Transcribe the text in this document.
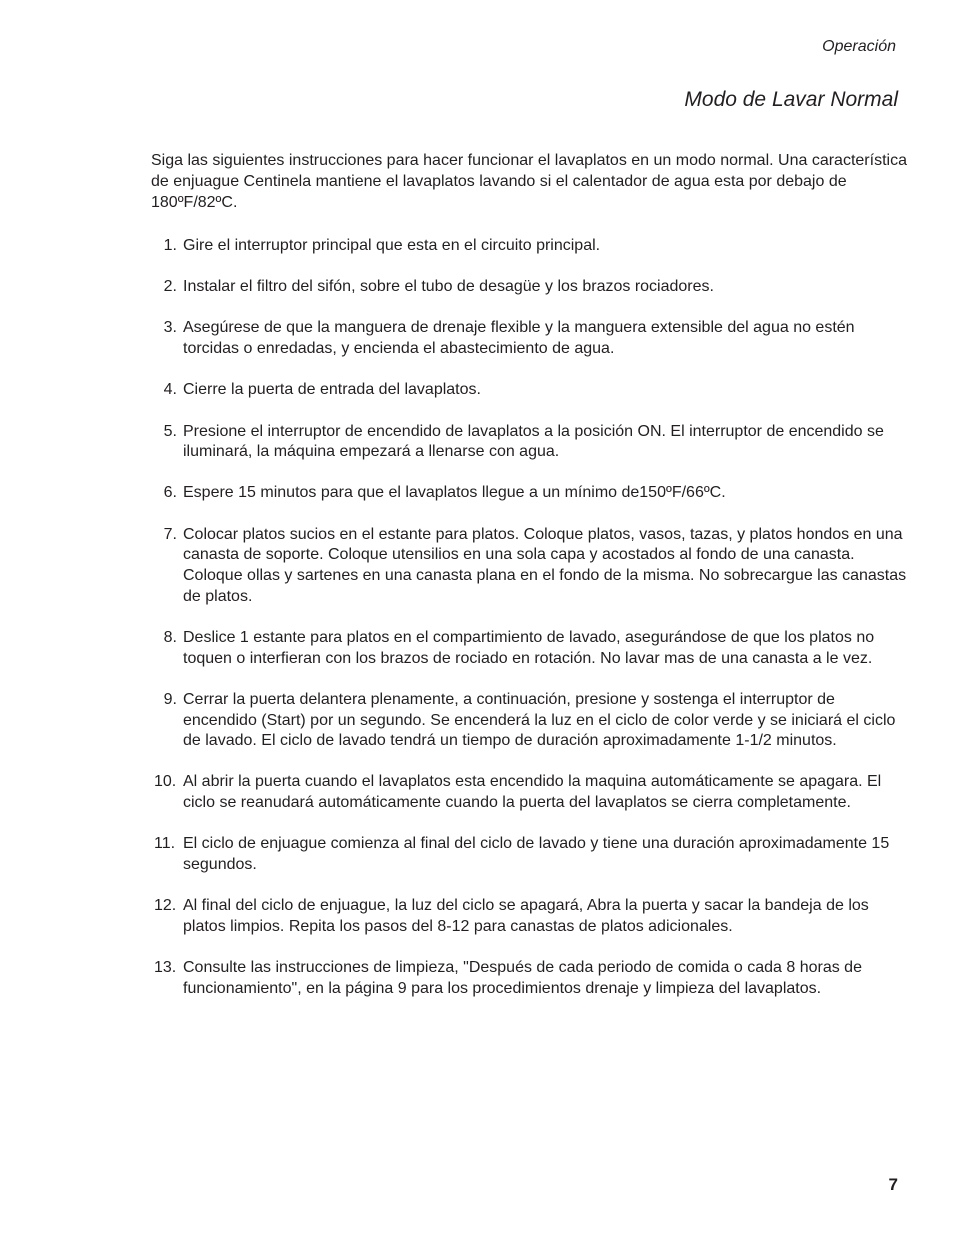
Operación

Modo de Lavar Normal

Siga las siguientes instrucciones para hacer funcionar el lavaplatos en un modo normal. Una característica de enjuague Centinela mantiene el lavaplatos lavando si el calentador de agua esta por debajo de 180ºF/82ºC.

1. Gire el interruptor principal que esta en el circuito principal.
2. Instalar el filtro del sifón, sobre el tubo de desagüe y los brazos rociadores.
3. Asegúrese de que la manguera de drenaje flexible y la manguera extensible del agua no estén torcidas o enredadas, y encienda el abastecimiento de agua.
4. Cierre la puerta de entrada del lavaplatos.
5. Presione el interruptor de encendido de lavaplatos a la posición ON. El interruptor de encendido se iluminará, la máquina empezará a llenarse con agua.
6. Espere 15 minutos para que el lavaplatos llegue a un mínimo de150ºF/66ºC.
7. Colocar platos sucios en el estante para platos. Coloque platos, vasos, tazas, y platos hondos en una canasta de soporte. Coloque utensilios en una sola capa y acostados al fondo de una canasta. Coloque ollas y sartenes en una canasta plana en el fondo de la misma. No sobrecargue las canastas de platos.
8. Deslice 1 estante para platos en el compartimiento de lavado, asegurándose de que los platos no toquen o interfieran con los brazos de rociado en rotación. No lavar mas de una canasta a le vez.
9. Cerrar la puerta delantera plenamente, a continuación, presione y sostenga el interruptor de encendido (Start) por un segundo. Se encenderá la luz en el ciclo de color verde y se iniciará el ciclo de lavado. El ciclo de lavado tendrá un tiempo de duración aproximadamente 1-1/2 minutos.
10. Al abrir la puerta cuando el lavaplatos esta encendido la maquina automáticamente se apagara. El ciclo se reanudará automáticamente cuando la puerta del lavaplatos se cierra completamente.
11. El ciclo de enjuague comienza al final del ciclo de lavado y tiene una duración aproximadamente 15 segundos.
12. Al final del ciclo de enjuague, la luz del ciclo se apagará, Abra la puerta y sacar la bandeja de los platos limpios. Repita los pasos del 8-12 para canastas de platos adicionales.
13. Consulte las instrucciones de limpieza, "Después de cada periodo de comida o cada 8 horas de funcionamiento", en la página 9 para los procedimientos drenaje y limpieza del lavaplatos.

7
